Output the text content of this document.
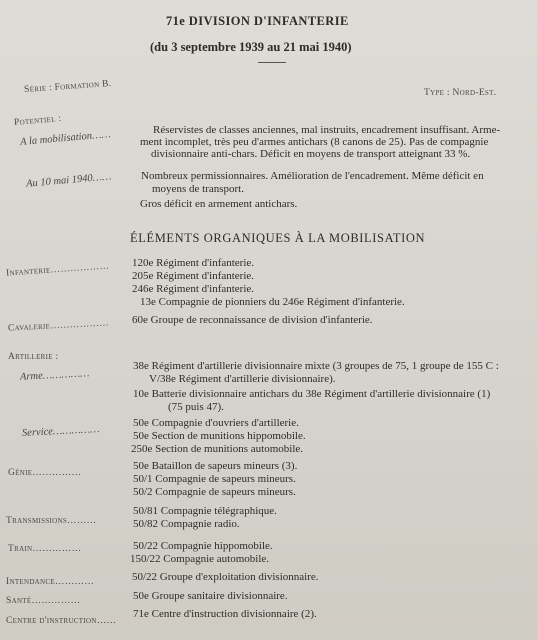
71e DIVISION D'INFANTERIE
(du 3 septembre 1939 au 21 mai 1940)
Série : Formation B.	Type : Nord-Est.
Potentiel :
A la mobilisation……	Réservistes de classes anciennes, mal instruits, encadrement insuffisant. Arme-
ment incomplet, très peu d'armes antichars (8 canons de 25). Pas de compagnie
divisionnaire anti-chars. Déficit en moyens de transport atteignant 33 %.
Au 10 mai 1940……	Nombreux permissionnaires. Amélioration de l'encadrement. Même déficit en
moyens de transport.
Gros déficit en armement antichars.
ÉLÉMENTS ORGANIQUES À LA MOBILISATION
Infanterie……………… 120e Régiment d'infanterie.
205e Régiment d'infanterie.
246e Régiment d'infanterie.
13e Compagnie de pionniers du 246e Régiment d'infanterie.
Cavalerie……………… 60e Groupe de reconnaissance de division d'infanterie.
Artillerie :
Arme……………
38e Régiment d'artillerie divisionnaire mixte (3 groupes de 75, 1 groupe de 155 C :
V/38e Régiment d'artillerie divisionnaire).
10e Batterie divisionnaire antichars du 38e Régiment d'artillerie divisionnaire (1)
(75 puis 47).
Service……………
50e Compagnie d'ouvriers d'artillerie.
50e Section de munitions hippomobile.
250e Section de munitions automobile.
Génie……………
50e Bataillon de sapeurs mineurs (3).
50/1 Compagnie de sapeurs mineurs.
50/2 Compagnie de sapeurs mineurs.
Transmissions………
50/81 Compagnie télégraphique.
50/82 Compagnie radio.
Train……………	50/22 Compagnie hippomobile.
150/22 Compagnie automobile.
Intendance…………	50/22 Groupe d'exploitation divisionnaire.
Santé……………	50e Groupe sanitaire divisionnaire.
Centre d'instruction……
71e Centre d'instruction divisionnaire (2).
